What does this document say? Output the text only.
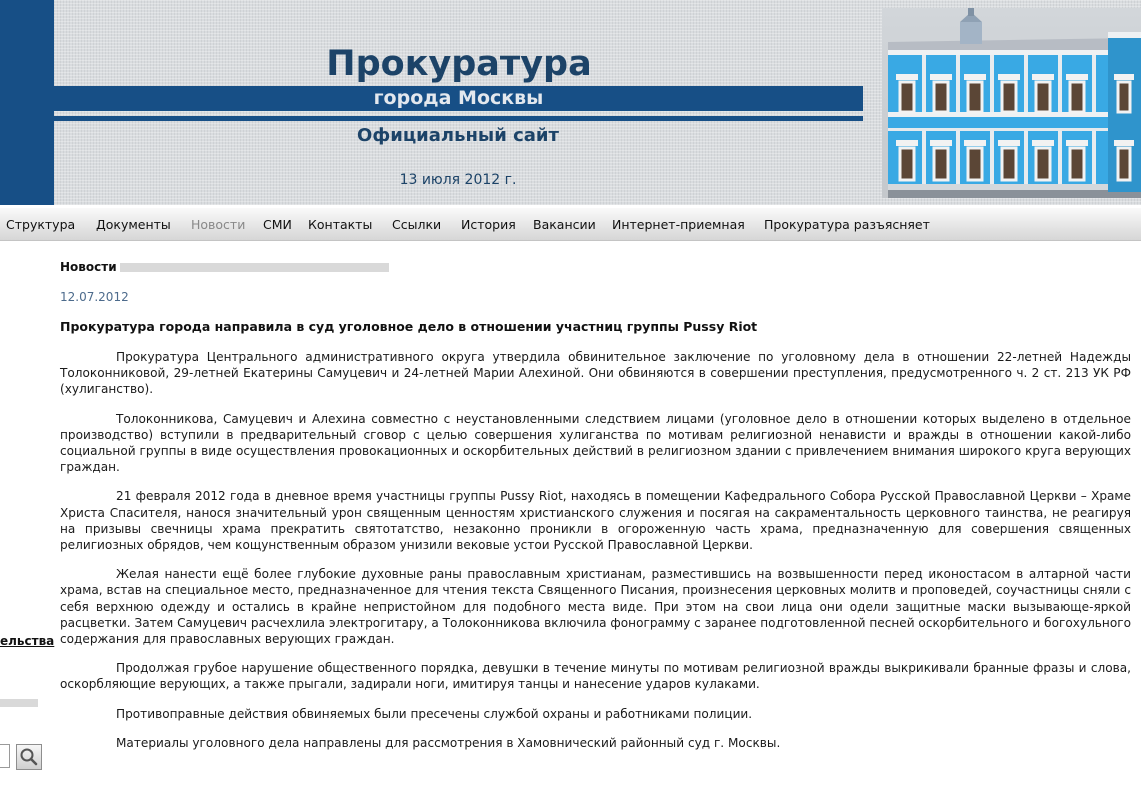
Прокуратура
города Москвы
Официальный сайт
13 июля 2012 г.
Структура Документы Новости СМИ Контакты Ссылки История Вакансии Интернет-приемная Прокуратура разъясняет
Новости
12.07.2012
Прокуратура города направила в суд уголовное дело в отношении участниц группы Pussy Riot

Прокуратура Центрального административного округа утвердила обвинительное заключение по уголовному дела в отношении 22-летней Надежды Толоконниковой, 29-летней Екатерины Самуцевич и 24-летней Марии Алехиной. Они обвиняются в совершении преступления, предусмотренного ч. 2 ст. 213 УК РФ (хулиганство).

Толоконникова, Самуцевич и Алехина совместно с неустановленными следствием лицами (уголовное дело в отношении которых выделено в отдельное производство) вступили в предварительный сговор с целью совершения хулиганства по мотивам религиозной ненависти и вражды в отношении какой-либо социальной группы в виде осуществления провокационных и оскорбительных действий в религиозном здании с привлечением внимания широкого круга верующих граждан.

21 февраля 2012 года в дневное время участницы группы Pussy Riot, находясь в помещении Кафедрального Собора Русской Православной Церкви – Храме Христа Спасителя, нанося значительный урон священным ценностям христианского служения и посягая на сакраментальность церковного таинства, не реагируя на призывы свечницы храма прекратить святотатство, незаконно проникли в огороженную часть храма, предназначенную для совершения священных религиозных обрядов, чем кощунственным образом унизили вековые устои Русской Православной Церкви.

Желая нанести ещё более глубокие духовные раны православным христианам, разместившись на возвышенности перед иконостасом в алтарной части храма, встав на специальное место, предназначенное для чтения текста Священного Писания, произнесения церковных молитв и проповедей, соучастницы сняли с себя верхнюю одежду и остались в крайне непристойном для подобного места виде. При этом на свои лица они одели защитные маски вызывающе-яркой расцветки. Затем Самуцевич расчехлила электрогитару, а Толоконникова включила фонограмму с заранее подготовленной песней оскорбительного и богохульного содержания для православных верующих граждан.

Продолжая грубое нарушение общественного порядка, девушки в течение минуты по мотивам религиозной вражды выкрикивали бранные фразы и слова, оскорбляющие верующих, а также прыгали, задирали ноги, имитируя танцы и нанесение ударов кулаками.

Противоправные действия обвиняемых были пресечены службой охраны и работниками полиции.

Материалы уголовного дела направлены для рассмотрения в Хамовнический районный суд г. Москвы.

ельства
